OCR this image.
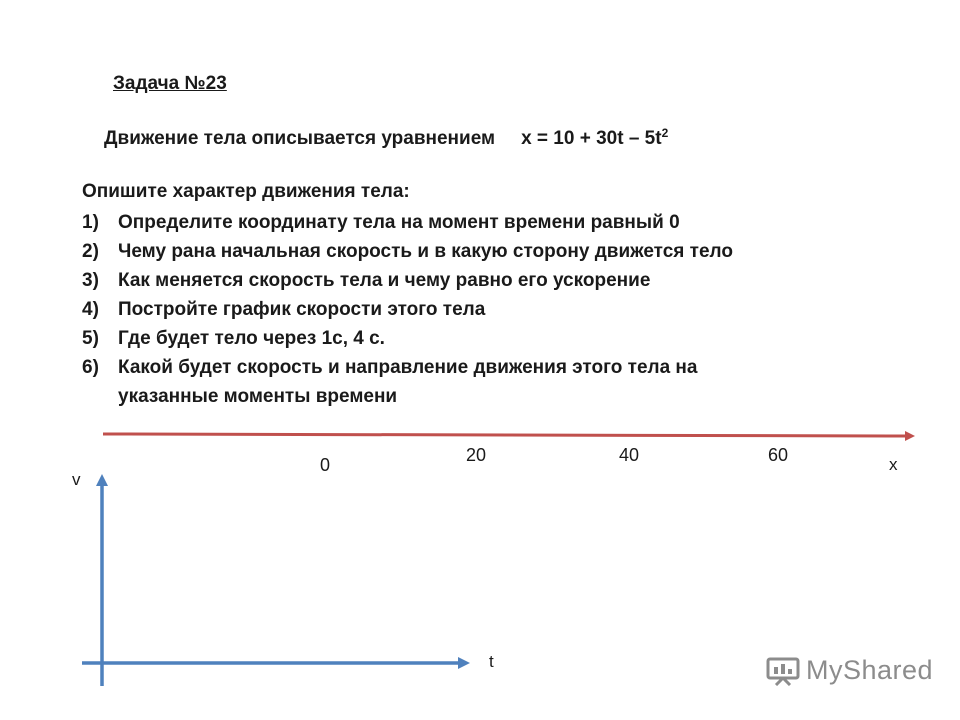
Задача №23
Движение тела описывается уравнением $x = 10 + 30t - 5t^2$
Опишите характер движения тела:
1) Определите координату тела на момент времени равный 0
2) Чему рана начальная скорость и в какую сторону движется тело
3) Как меняется скорость тела и чему равно его ускорение
4) Постройте график скорости этого тела
5) Где будет тело через 1с, 4 с.
6) Какой будет скорость и направление движения этого тела на указанные моменты времени
0	20	40	60	x
v
t	MyShared
